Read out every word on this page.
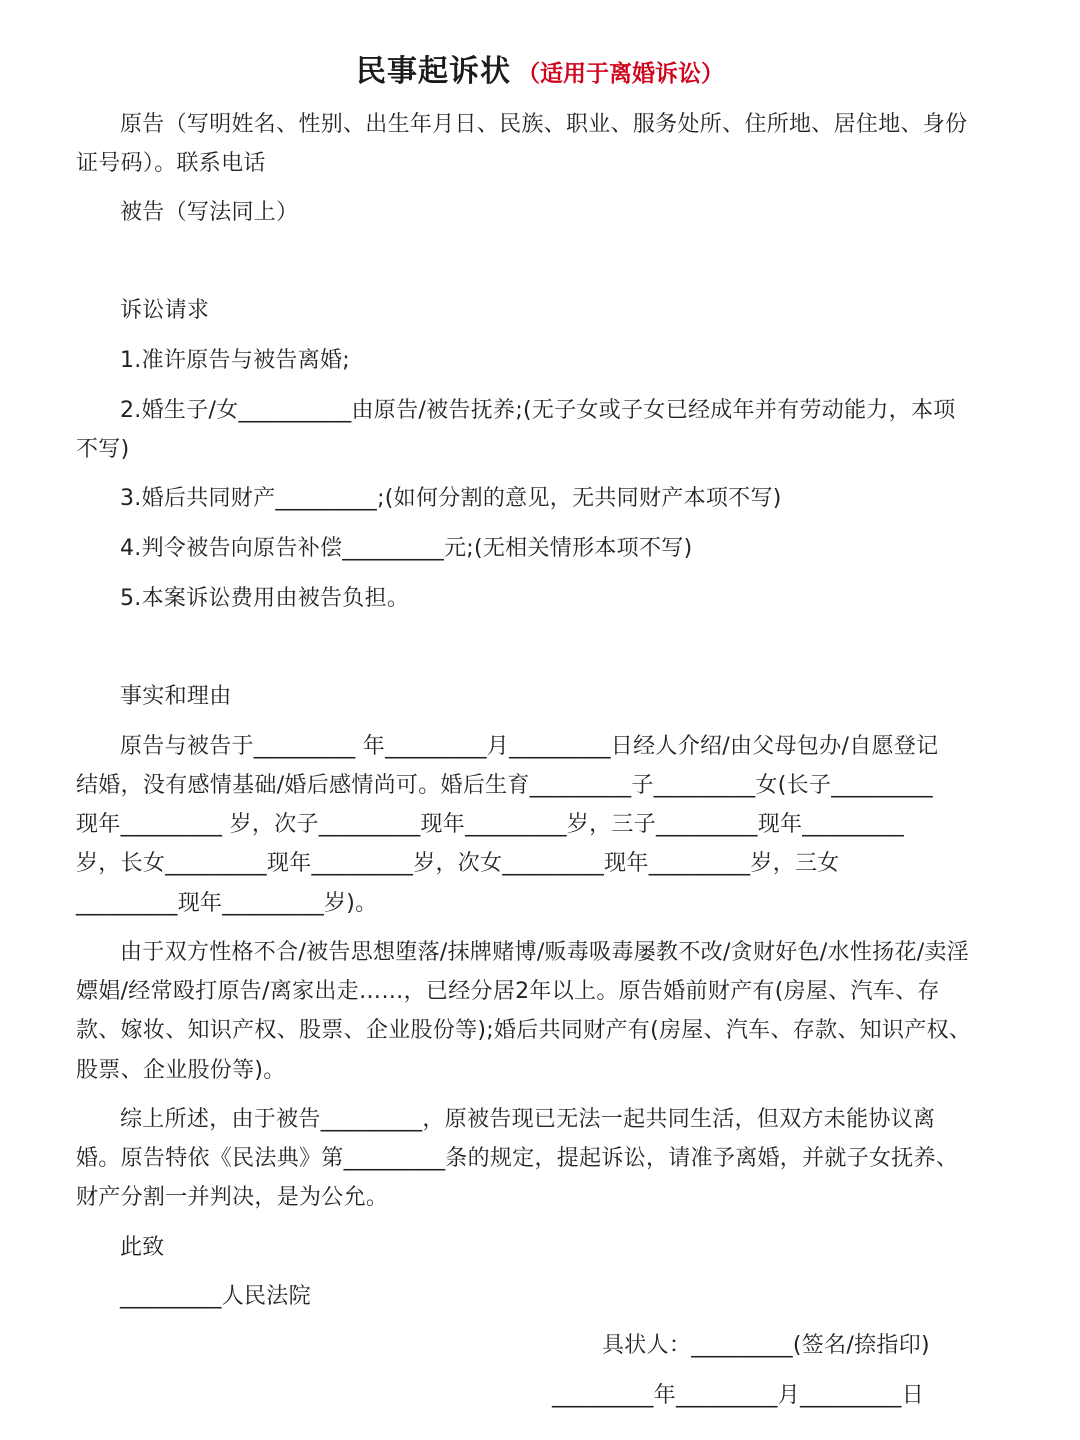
民事起诉状 （适用于离婚诉讼）
原告（写明姓名、性别、出生年月日、民族、职业、服务处所、住所地、居住地、身份
证号码）。联系电话
被告（写法同上）
诉讼请求
1.准许原告与被告离婚;
2.婚生子/女__________由原告/被告抚养;(无子女或子女已经成年并有劳动能力，本项
不写)
3.婚后共同财产_________;(如何分割的意见，无共同财产本项不写)
4.判令被告向原告补偿_________元;(无相关情形本项不写)
5.本案诉讼费用由被告负担。
事实和理由
原告与被告于_________ 年_________月_________日经人介绍/由父母包办/自愿登记
结婚，没有感情基础/婚后感情尚可。婚后生育_________子_________女(长子_________
现年_________ 岁，次子_________现年_________岁，三子_________现年_________
岁，长女_________现年_________岁，次女_________现年_________岁，三女
_________现年_________岁)。
由于双方性格不合/被告思想堕落/抹牌赌博/贩毒吸毒屡教不改/贪财好色/水性扬花/卖淫
嫖娼/经常殴打原告/离家出走……，已经分居2年以上。原告婚前财产有(房屋、汽车、存
款、嫁妆、知识产权、股票、企业股份等);婚后共同财产有(房屋、汽车、存款、知识产权、
股票、企业股份等)。
综上所述，由于被告_________，原被告现已无法一起共同生活，但双方未能协议离
婚。原告特依《民法典》第_________条的规定，提起诉讼，请准予离婚，并就子女抚养、
财产分割一并判决，是为公允。
此致
_________人民法院
具状人：_________(签名/捺指印)
_________年_________月_________日
